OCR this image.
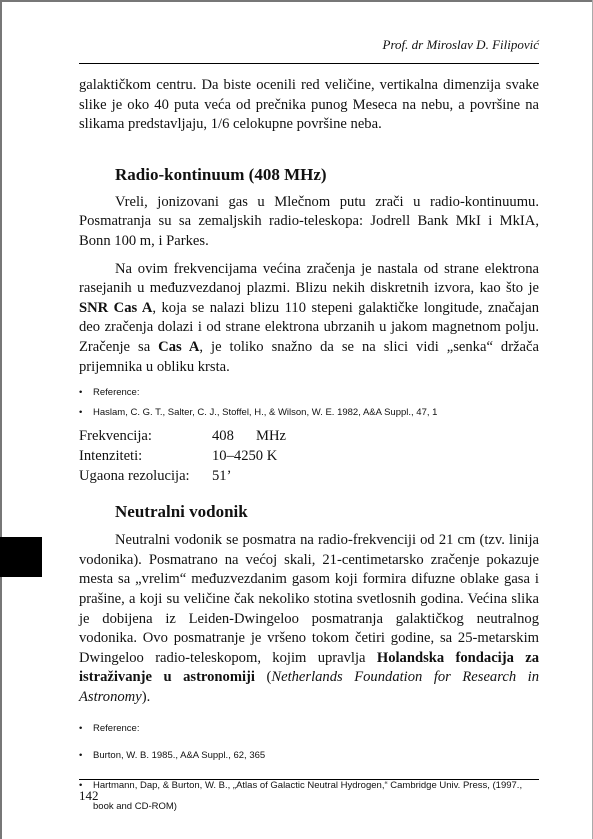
Prof. dr Miroslav D. Filipović

galaktičkom centru. Da biste ocenili red veličine, vertikalna dimenzija svake slike je oko 40 puta veća od prečnika punog Meseca na nebu, a površine na slikama predstavljaju, 1/6 celokupne površine neba.

Radio-kontinuum (408 MHz)

Vreli, jonizovani gas u Mlečnom putu zrači u radio-kontinuumu. Posmatranja su sa zemaljskih radio-teleskopa: Jodrell Bank MkI i MkIA, Bonn 100 m, i Parkes.

Na ovim frekvencijama većina zračenja je nastala od strane elektrona rasejanih u međuzvezdanoj plazmi. Blizu nekih diskretnih izvora, kao što je SNR Cas A, koja se nalazi blizu 110 stepeni galaktičke longitude, značajan deo zračenja dolazi i od strane elektrona ubrzanih u jakom magnetnom polju. Zračenje sa Cas A, je toliko snažno da se na slici vidi „senka“ držača prijemnika u obliku krsta.

• Reference:
• Haslam, C. G. T., Salter, C. J., Stoffel, H., & Wilson, W. E. 1982, A&A Suppl., 47, 1
Frekvencija:	408	MHz
Intenziteti:	10–4250 K	
Ugaona rezolucija:	51’	
Neutralni vodonik

Neutralni vodonik se posmatra na radio-frekvenciji od 21 cm (tzv. linija vodonika). Posmatrano na većoj skali, 21-centimetarsko zračenje pokazuje mesta sa „vrelim“ međuzvezdanim gasom koji formira difuzne oblake gasa i prašine, a koji su veličine čak nekoliko stotina svetlosnih godina. Većina slika je dobijena iz Leiden-Dwingeloo posmatranja galaktičkog neutralnog vodonika. Ovo posmatranje je vršeno tokom četiri godine, sa 25-metarskim Dwingeloo radio-teleskopom, kojim upravlja Holandska fondacija za istraživanje u astronomiji (Netherlands Foundation for Research in Astronomy).

• Reference:
• Burton, W. B. 1985., A&A Suppl., 62, 365
• Hartmann, Dap, & Burton, W. B., „Atlas of Galactic Neutral Hydrogen,“ Cambridge Univ. Press, (1997., book and CD-ROM)
142
